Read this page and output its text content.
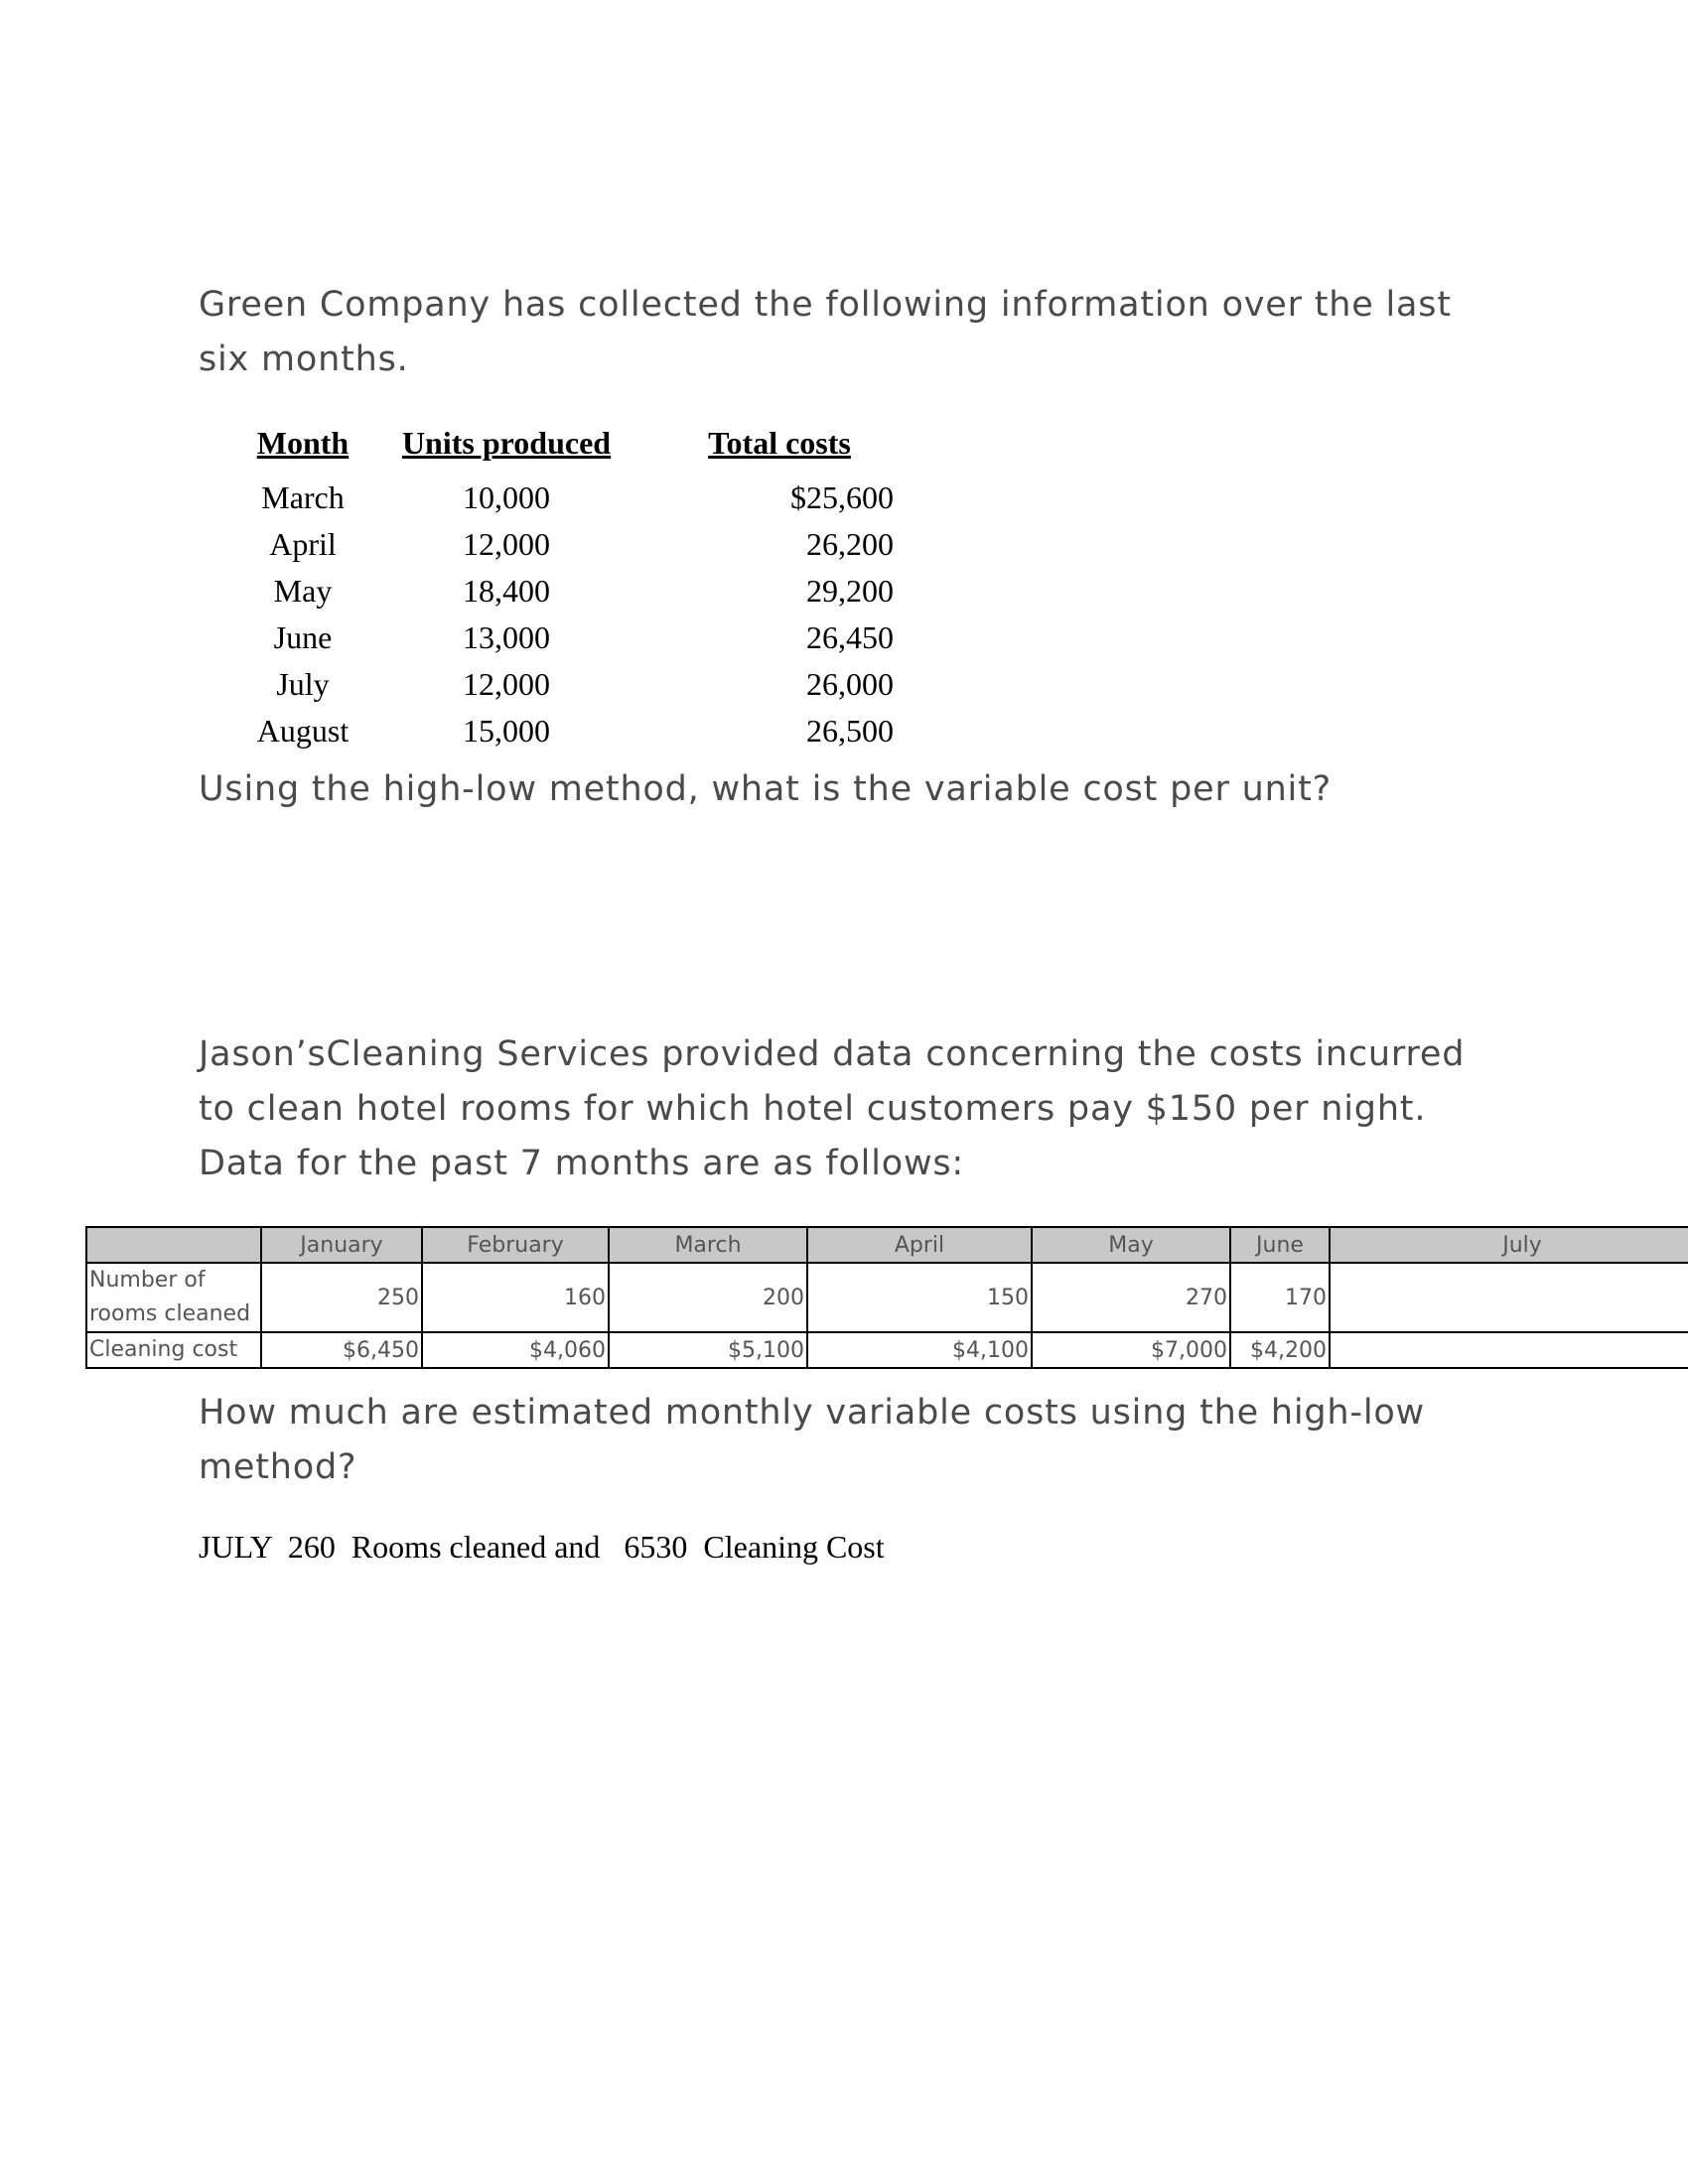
Green Company has collected the following information over the last six months.

Month	Units produced	Total costs
March	10,000	$25,600
April	12,000	26,200
May	18,400	29,200
June	13,000	26,450
July	12,000	26,000
August	15,000	26,500

Using the high-low method, what is the variable cost per unit?

Jason’sCleaning Services provided data concerning the costs incurred to clean hotel rooms for which hotel customers pay $150 per night. Data for the past 7 months are as follows:

	January	February	March	April	May	June	July
Number of rooms cleaned	250	160	200	150	270	170	
Cleaning cost	$6,450	$4,060	$5,100	$4,100	$7,000	$4,200	

How much are estimated monthly variable costs using the high-low method?

JULY  260  Rooms cleaned and   6530  Cleaning Cost
